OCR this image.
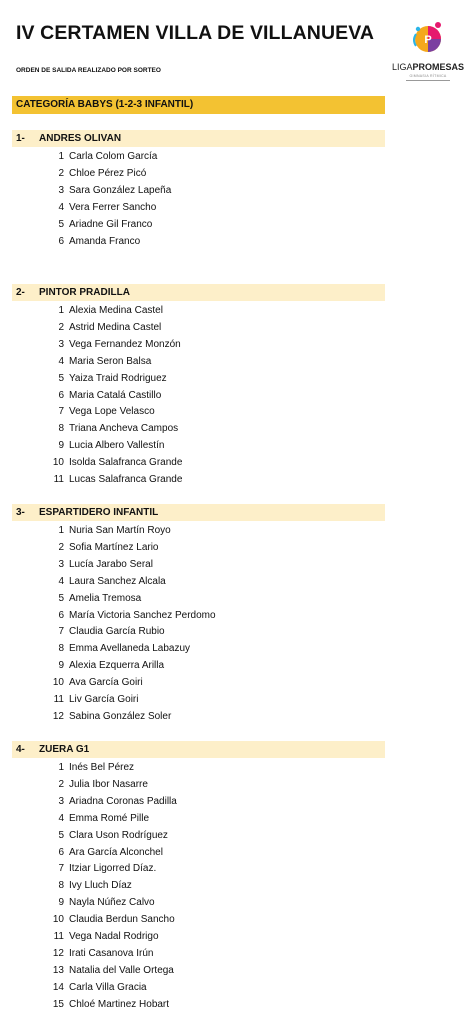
IV CERTAMEN VILLA DE VILLANUEVA
ORDEN DE SALIDA REALIZADO POR SORTEO
P
LIGAPROMESAS
GIMNASIA RÍTMICA
CATEGORÍA BABYS (1-2-3 INFANTIL)
1- ANDRES OLIVAN
1 Carla Colom García
2 Chloe Pérez Picó
3 Sara González Lapeña
4 Vera Ferrer Sancho
5 Ariadne Gil Franco
6 Amanda Franco
2- PINTOR PRADILLA
1 Alexia Medina Castel
2 Astrid Medina Castel
3 Vega Fernandez Monzón
4 Maria Seron Balsa
5 Yaiza Traid Rodriguez
6 Maria Catalá Castillo
7 Vega Lope Velasco
8 Triana Ancheva Campos
9 Lucia Albero Vallestín
10 Isolda Salafranca Grande
11 Lucas Salafranca Grande
3- ESPARTIDERO INFANTIL
1 Nuria San Martín Royo
2 Sofia Martínez Lario
3 Lucía Jarabo Seral
4 Laura Sanchez Alcala
5 Amelia Tremosa
6 María Victoria Sanchez Perdomo
7 Claudia García Rubio
8 Emma Avellaneda Labazuy
9 Alexia Ezquerra Arilla
10 Ava García Goiri
11 Liv García Goiri
12 Sabina González Soler
4- ZUERA G1
1 Inés Bel Pérez
2 Julia Ibor Nasarre
3 Ariadna Coronas Padilla
4 Emma Romé Pille
5 Clara Uson Rodríguez
6 Ara García Alconchel
7 Itziar Ligorred Díaz.
8 Ivy Lluch Díaz
9 Nayla Núñez Calvo
10 Claudia Berdun Sancho
11 Vega Nadal Rodrigo
12 Irati Casanova Irún
13 Natalia del Valle Ortega
14 Carla Villa Gracia
15 Chloé Martinez Hobart
